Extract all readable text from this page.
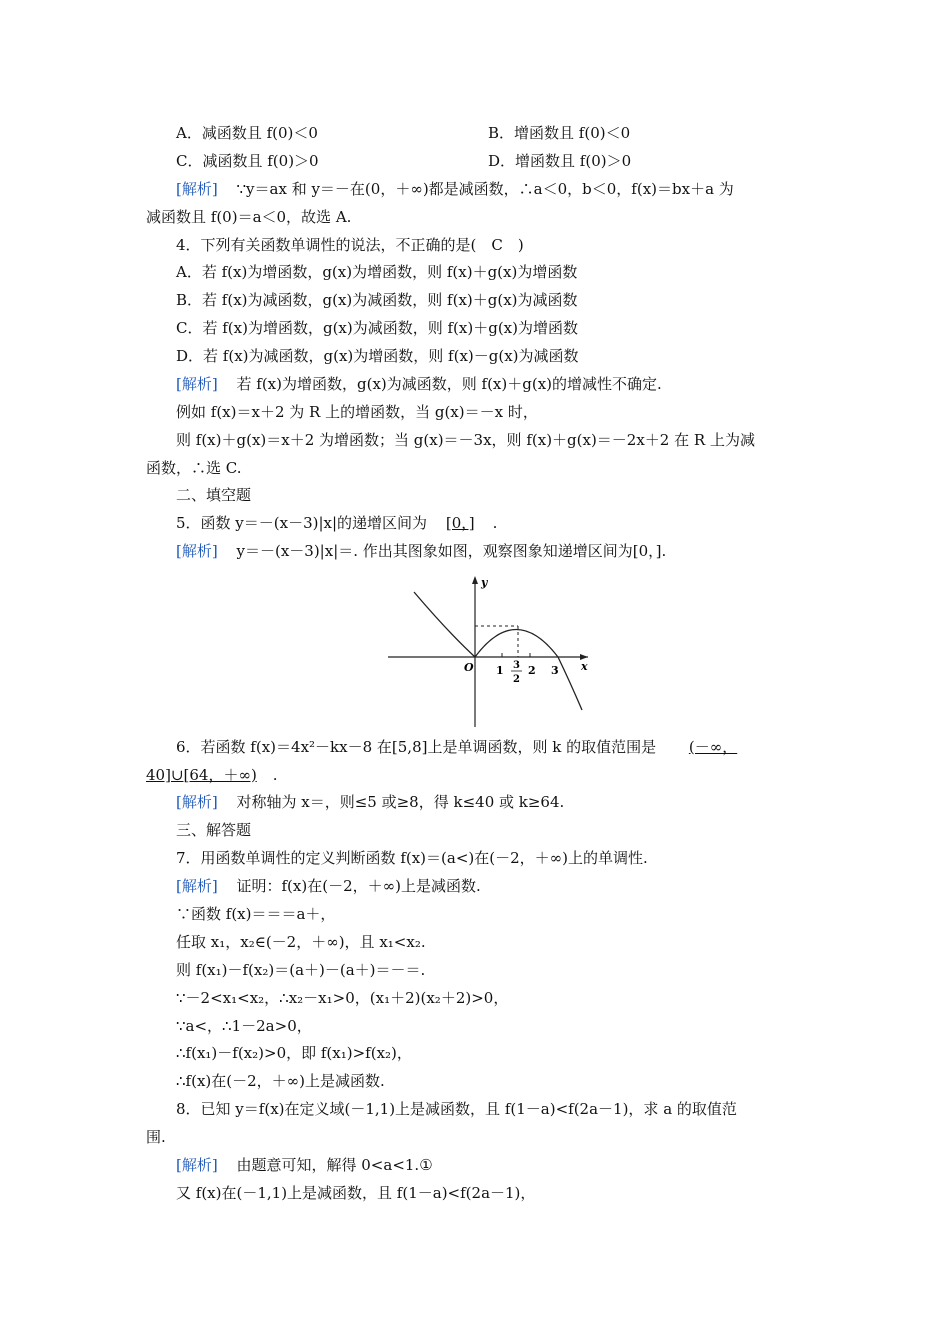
A．减函数且 f(0)＜0	B．增函数且 f(0)＜0
C．减函数且 f(0)＞0	D．增函数且 f(0)＞0
[解析] ∵y＝ax 和 y＝－在(0，＋∞)都是减函数，∴a＜0，b＜0，f(x)＝bx＋a 为
减函数且 f(0)＝a＜0，故选 A.
4．下列有关函数单调性的说法，不正确的是(　C　)
A．若 f(x)为增函数，g(x)为增函数，则 f(x)＋g(x)为增函数
B．若 f(x)为减函数，g(x)为减函数，则 f(x)＋g(x)为减函数
C．若 f(x)为增函数，g(x)为减函数，则 f(x)＋g(x)为增函数
D．若 f(x)为减函数，g(x)为增函数，则 f(x)－g(x)为减函数
[解析] 若 f(x)为增函数，g(x)为减函数，则 f(x)＋g(x)的增减性不确定.
例如 f(x)＝x＋2 为 R 上的增函数，当 g(x)＝－x 时，
则 f(x)＋g(x)＝x＋2 为增函数；当 g(x)＝－3x，则 f(x)＋g(x)＝－2x＋2 在 R 上为减
函数，∴选 C.
二、填空题
5．函数 y＝－(x－3)|x|的递增区间为 [0，] .
[解析] y＝－(x－3)|x|＝. 作出其图象如图，观察图象知递增区间为[0，].
y
x
O 1 3
2
2 3
6．若函数 f(x)＝4x²－kx－8 在[5,8]上是单调函数，则 k 的取值范围是 (－∞，
40]∪[64，＋∞) .
[解析] 对称轴为 x＝，则≤5 或≥8，得 k≤40 或 k≥64.
三、解答题
7．用函数单调性的定义判断函数 f(x)＝(a<)在(－2，＋∞)上的单调性.
[解析] 证明：f(x)在(－2，＋∞)上是减函数.
∵函数 f(x)＝＝＝a＋，
任取 x₁，x₂∈(－2，＋∞)，且 x₁<x₂.
则 f(x₁)－f(x₂)＝(a＋)－(a＋)＝－＝.
∵－2<x₁<x₂，∴x₂－x₁>0，(x₁＋2)(x₂＋2)>0，
∵a<，∴1－2a>0，
∴f(x₁)－f(x₂)>0，即 f(x₁)>f(x₂)，
∴f(x)在(－2，＋∞)上是减函数.
8．已知 y＝f(x)在定义域(－1,1)上是减函数，且 f(1－a)<f(2a－1)，求 a 的取值范
围.
[解析] 由题意可知，解得 0<a<1.①
又 f(x)在(－1,1)上是减函数，且 f(1－a)<f(2a－1)，
